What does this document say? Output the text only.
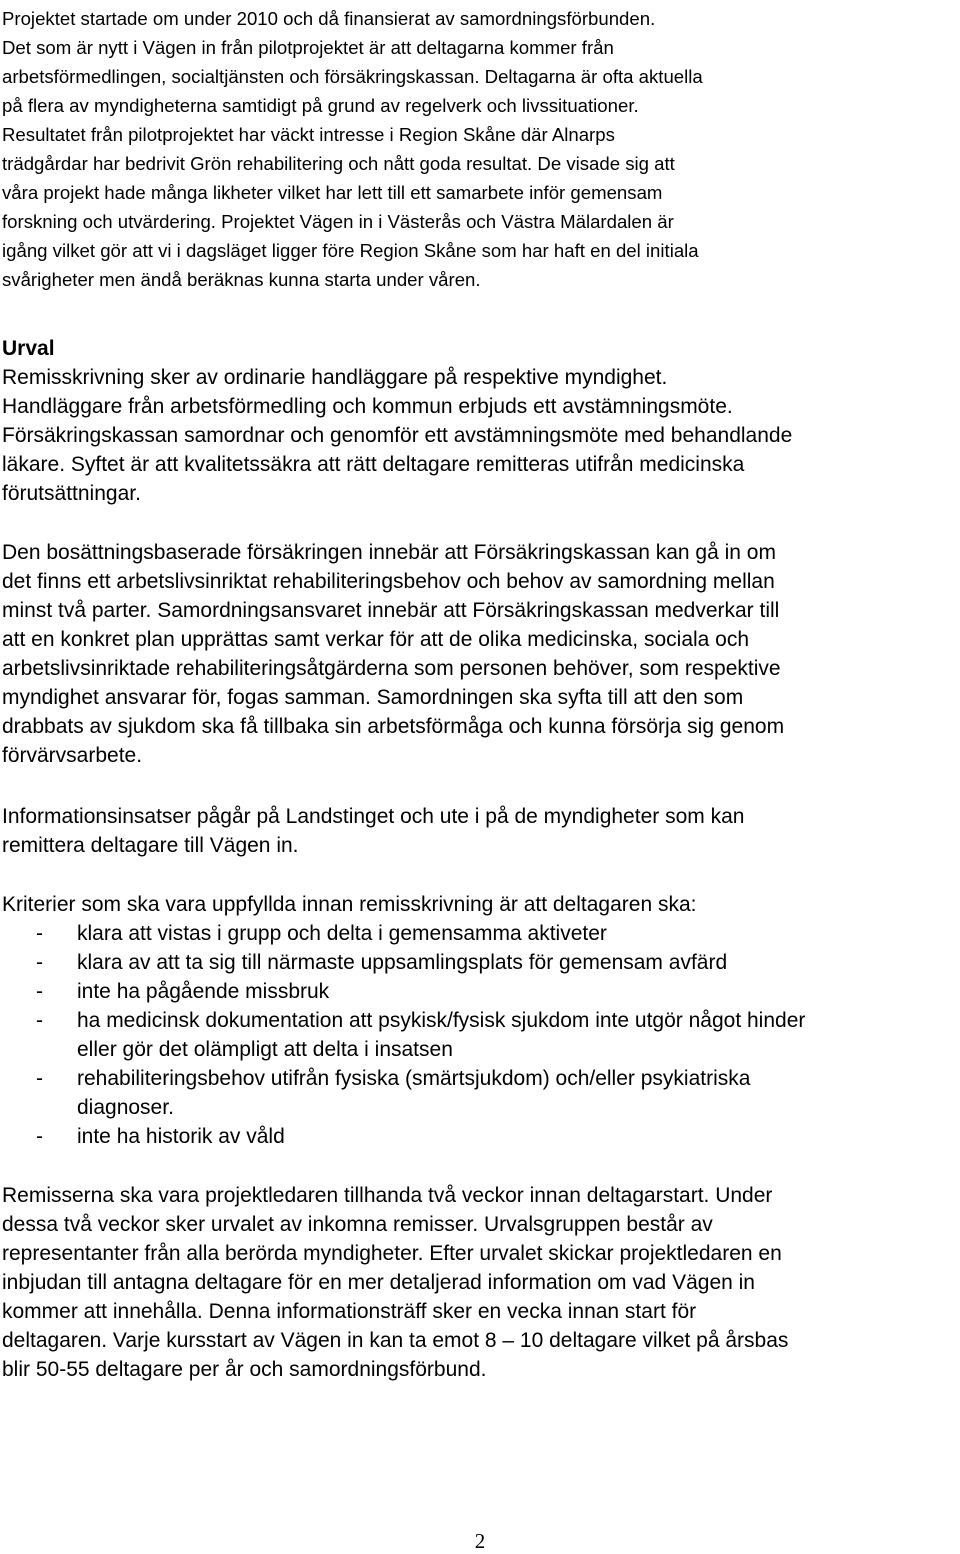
Projektet startade om under 2010 och då finansierat av samordningsförbunden.
Det som är nytt i Vägen in från pilotprojektet är att deltagarna kommer från
arbetsförmedlingen, socialtjänsten och försäkringskassan. Deltagarna är ofta aktuella
på flera av myndigheterna samtidigt på grund av regelverk och livssituationer.
Resultatet från pilotprojektet har väckt intresse i Region Skåne där Alnarps
trädgårdar har bedrivit Grön rehabilitering och nått goda resultat. De visade sig att
våra projekt hade många likheter vilket har lett till ett samarbete inför gemensam
forskning och utvärdering. Projektet Vägen in i Västerås och Västra Mälardalen är
igång vilket gör att vi i dagsläget ligger före Region Skåne som har haft en del initiala
svårigheter men ändå beräknas kunna starta under våren.

Urval
Remisskrivning sker av ordinarie handläggare på respektive myndighet.
Handläggare från arbetsförmedling och kommun erbjuds ett avstämningsmöte.
Försäkringskassan samordnar och genomför ett avstämningsmöte med behandlande
läkare. Syftet är att kvalitetssäkra att rätt deltagare remitteras utifrån medicinska
förutsättningar.

Den bosättningsbaserade försäkringen innebär att Försäkringskassan kan gå in om
det finns ett arbetslivsinriktat rehabiliteringsbehov och behov av samordning mellan
minst två parter. Samordningsansvaret innebär att Försäkringskassan medverkar till
att en konkret plan upprättas samt verkar för att de olika medicinska, sociala och
arbetslivsinriktade rehabiliteringsåtgärderna som personen behöver, som respektive
myndighet ansvarar för, fogas samman. Samordningen ska syfta till att den som
drabbats av sjukdom ska få tillbaka sin arbetsförmåga och kunna försörja sig genom
förvärvsarbete.

Informationsinsatser pågår på Landstinget och ute i på de myndigheter som kan
remittera deltagare till Vägen in.

Kriterier som ska vara uppfyllda innan remisskrivning är att deltagaren ska:

- klara att vistas i grupp och delta i gemensamma aktiveter
- klara av att ta sig till närmaste uppsamlingsplats för gemensam avfärd
- inte ha pågående missbruk
- ha medicinsk dokumentation att psykisk/fysisk sjukdom inte utgör något hinder
eller gör det olämpligt att delta i insatsen
- rehabiliteringsbehov utifrån fysiska (smärtsjukdom) och/eller psykiatriska
diagnoser.
- inte ha historik av våld

Remisserna ska vara projektledaren tillhanda två veckor innan deltagarstart. Under
dessa två veckor sker urvalet av inkomna remisser. Urvalsgruppen består av
representanter från alla berörda myndigheter. Efter urvalet skickar projektledaren en
inbjudan till antagna deltagare för en mer detaljerad information om vad Vägen in
kommer att innehålla. Denna informationsträff sker en vecka innan start för
deltagaren. Varje kursstart av Vägen in kan ta emot 8 – 10 deltagare vilket på årsbas
blir 50-55 deltagare per år och samordningsförbund.

2
